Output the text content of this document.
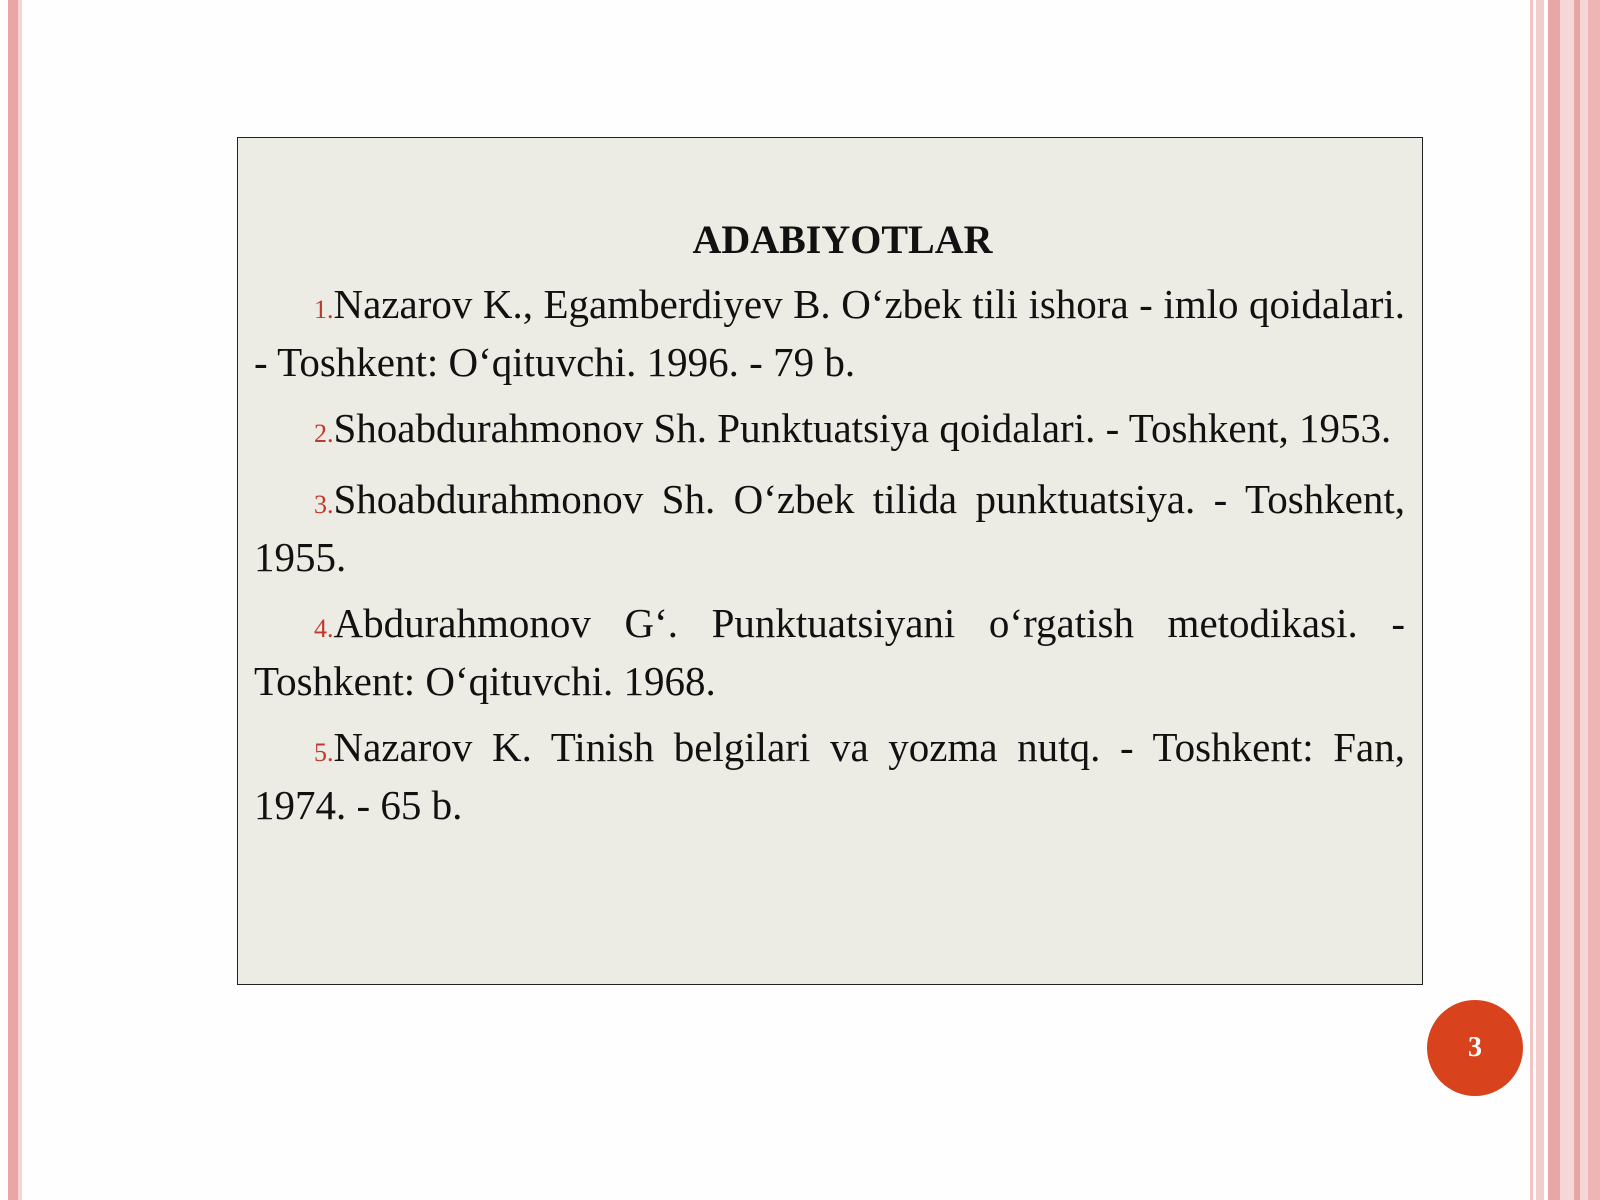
ADABIYOTLAR
1.Nazarov K., Egamberdiyev B. O‘zbek tili ishora - imlo qoidalari. - Toshkent: O‘qituvchi. 1996. - 79 b.
2.Shoabdurahmonov Sh. Punktuatsiya qoidalari. - Toshkent, 1953.
3.Shoabdurahmonov Sh. O‘zbek tilida punktuatsiya. - Toshkent, 1955.
4.Abdurahmonov G‘. Punktuatsiyani o‘rgatish metodikasi. - Toshkent: O‘qituvchi. 1968.
5.Nazarov K. Tinish belgilari va yozma nutq. - Toshkent: Fan, 1974. - 65 b.
3
